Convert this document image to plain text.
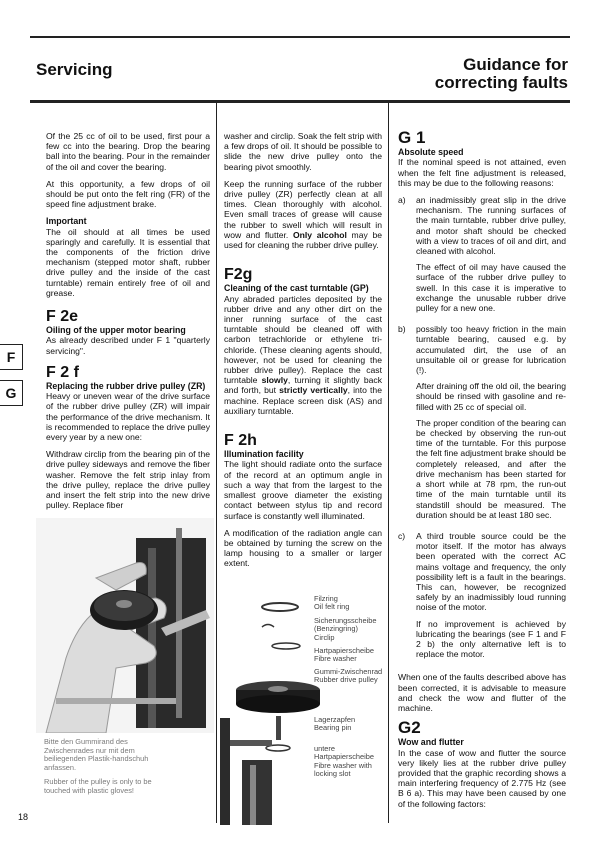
Servicing	Guidance for
correcting faults
F
G

Of the 25 cc of oil to be used, first pour a few cc into the bearing. Drop the bearing ball into the bearing. Pour in the remainder of the oil and cover the bearing.

At this opportunity, a few drops of oil should be put onto the felt ring (FR) of the speed fine adjustment brake.

Important

The oil should at all times be used sparingly and carefully. It is essential that the components of the friction drive mechanism (stepped motor shaft, rubber drive pulley and the inside of the cast turntable) remain entirely free of oil and grease.

F 2e
Oiling of the upper motor bearing

As already described under F 1 "quarterly servicing".

F 2 f
Replacing the rubber drive pulley (ZR)

Heavy or uneven wear of the drive surface of the rubber drive pulley (ZR) will impair the performance of the drive mechanism. It is recommended to replace the drive pulley every year by a new one:

Withdraw circlip from the bearing pin of the drive pulley sideways and remove the fiber washer. Remove the felt strip inlay from the drive pulley, replace the drive pulley and insert the felt strip into the new drive pulley. Replace fiber

washer and circlip. Soak the felt strip with a few drops of oil. It should be possible to slide the new drive pulley onto the bearing pivot smoothly.

Keep the running surface of the rubber drive pulley (ZR) perfectly clean at all times. Clean thoroughly with alcohol. Even small traces of grease will cause the rubber to swell which will result in wow and flutter. Only alcohol may be used for cleaning the rubber drive pulley.

F2g
Cleaning of the cast turntable (GP)

Any abraded particles deposited by the rubber drive and any other dirt on the inner running surface of the cast turntable should be cleaned off with carbon tetrachloride or ethylene tri-chloride. (These cleaning agents should, however, not be used for cleaning the rubber drive pulley). Replace the cast turntable slowly, turning it slightly back and forth, but strictly vertically, into the machine. Replace screen disk (AS) and auxiliary turntable.

F 2h
Illumination facility

The light should radiate onto the surface of the record at an optimum angle in such a way that from the largest to the smallest groove diameter the existing contact between stylus tip and record surface is constantly well illuminated.

A modification of the radiation angle can be obtained by turning the screw on the lamp housing to a smaller or larger extent.

G 1
Absolute speed

If the nominal speed is not attained, even when the felt fine adjustment is released, this may be due to the following reasons:

a)	an inadmissibly great slip in the drive mechanism. The running surfaces of the main turntable, rubber drive pulley, and motor shaft should be checked with a view to traces of oil and dirt, and cleaned with alcohol.

The effect of oil may have caused the surface of the rubber drive pulley to swell. In this case it is imperative to exchange the unusable rubber drive pulley for a new one.

b)	possibly too heavy friction in the main turntable bearing, caused e.g. by accumulated dirt, the use of an unsuitable oil or grease for lubrication (!).

After draining off the old oil, the bearing should be rinsed with gasoline and re-filled with 25 cc of special oil.

The proper condition of the bearing can be checked by observing the run-out time of the turntable. For this purpose the felt fine adjustment brake should be completely released, and after the drive mechanism has been started for a short while at 78 rpm, the run-out time of the main turntable until its standstill should be measured. The duration should be at least 180 sec.

c)	A third trouble source could be the motor itself. If the motor has always been operated with the correct AC mains voltage and frequency, the only possibility left is a fault in the bearings. This can, however, be recognized safely by an inadmissibly loud running noise of the motor.

If no improvement is achieved by lubricating the bearings (see F 1 and F 2 b) the only alternative left is to replace the motor.

When one of the faults described above has been corrected, it is advisable to measure and check the wow and flutter of the machine.

G2
Wow and flutter

In the case of wow and flutter the source very likely lies at the rubber drive pulley provided that the graphic recording shows a main interfering frequency of 2.775 Hz (see B 6 a). This may have been caused by one of the following factors:

Bitte den Gummirand des Zwischenrades nur mit dem beiliegenden Plastik-handschuh anfassen.
Rubber of the pulley is only to be touched with plastic gloves!
Filzring
Oil felt ring
Sicherungsscheibe (Benzingring)
Circlip
Hartpapierscheibe
Fibre washer
Gummi-Zwischenrad
Rubber drive pulley
Lagerzapfen
Bearing pin
untere Hartpapierscheibe
Fibre washer with locking slot
18
